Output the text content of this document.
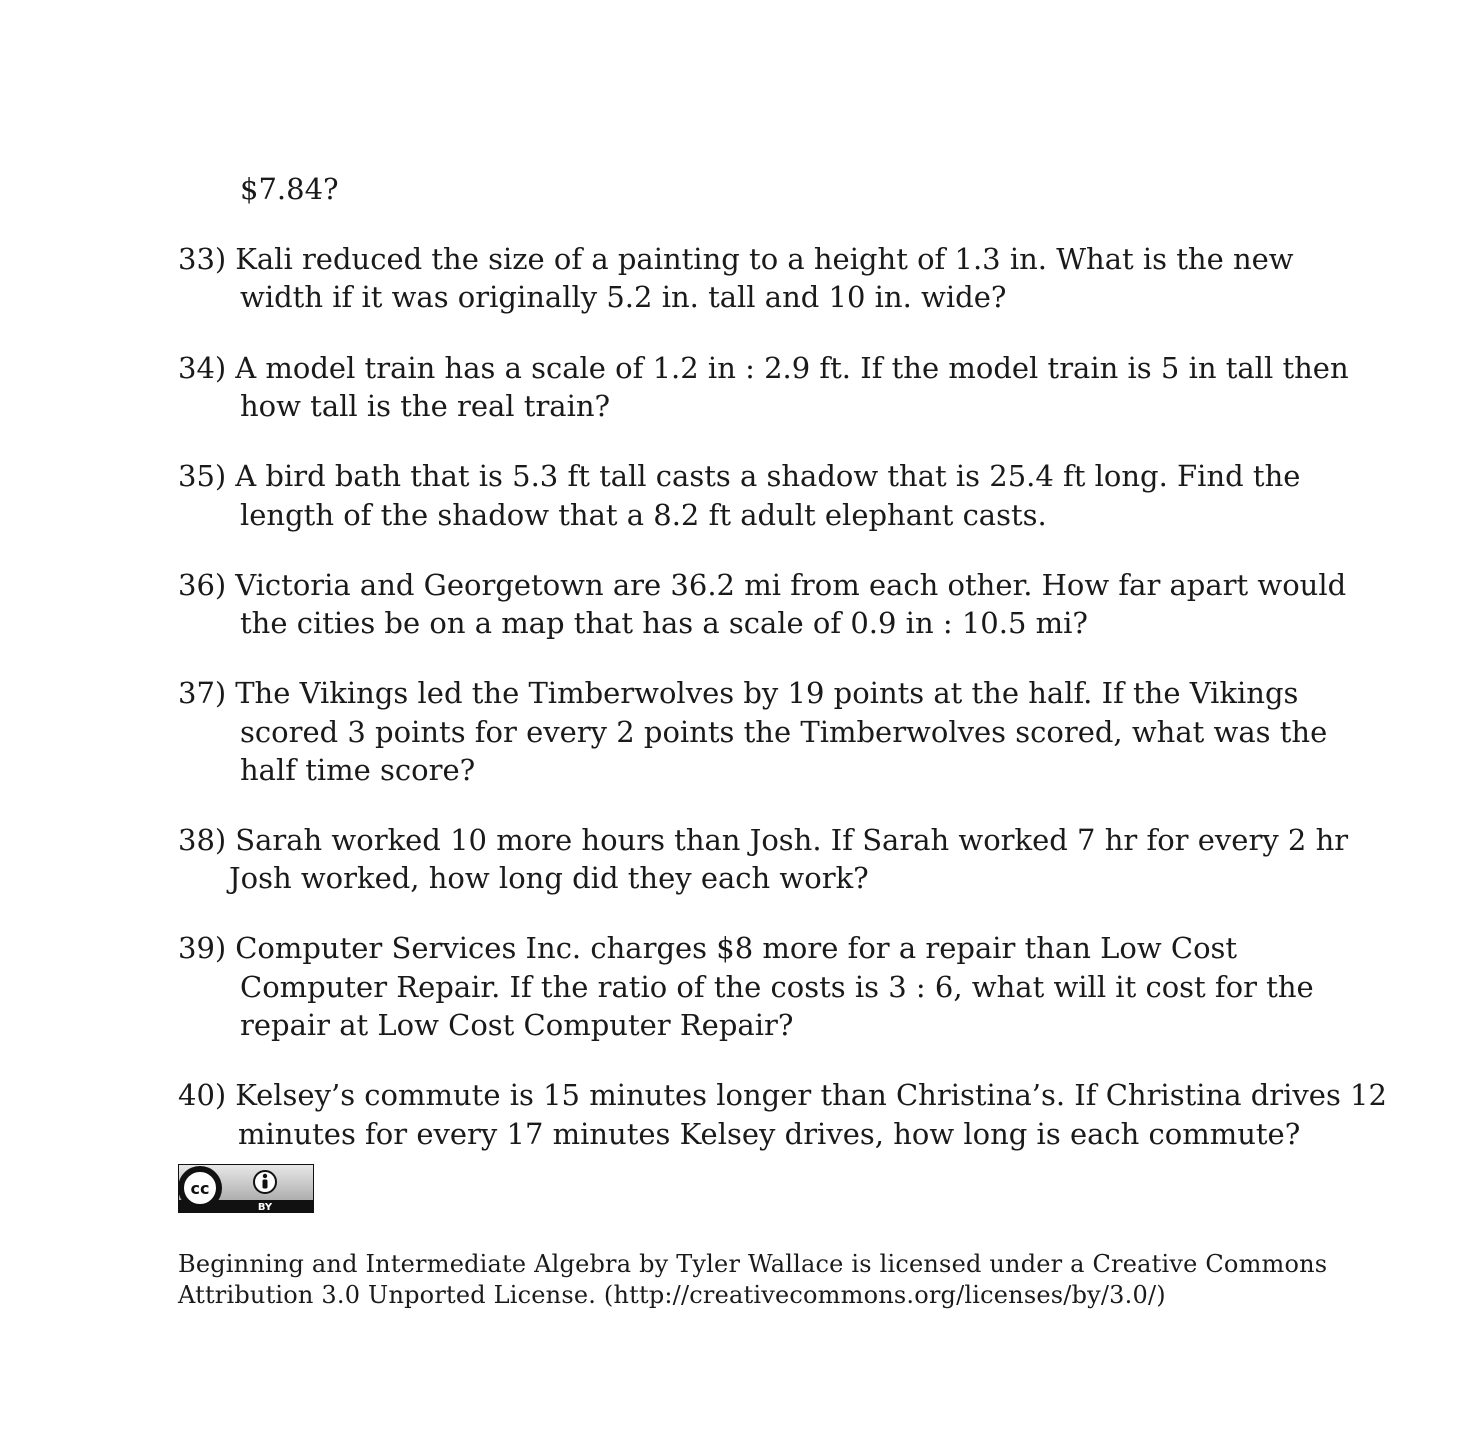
$7.84?
33) Kali reduced the size of a painting to a height of 1.3 in. What is the new
width if it was originally 5.2 in. tall and 10 in. wide?
34) A model train has a scale of 1.2 in : 2.9 ft. If the model train is 5 in tall then
how tall is the real train?
35) A bird bath that is 5.3 ft tall casts a shadow that is 25.4 ft long. Find the
length of the shadow that a 8.2 ft adult elephant casts.
36) Victoria and Georgetown are 36.2 mi from each other. How far apart would
the cities be on a map that has a scale of 0.9 in : 10.5 mi?
37) The Vikings led the Timberwolves by 19 points at the half. If the Vikings
scored 3 points for every 2 points the Timberwolves scored, what was the
half time score?
38) Sarah worked 10 more hours than Josh. If Sarah worked 7 hr for every 2 hr
Josh worked, how long did they each work?
39) Computer Services Inc. charges $8 more for a repair than Low Cost
Computer Repair. If the ratio of the costs is 3 : 6, what will it cost for the
repair at Low Cost Computer Repair?
40) Kelsey’s commute is 15 minutes longer than Christina’s. If Christina drives 12
minutes for every 17 minutes Kelsey drives, how long is each commute?
cc
BY
Beginning and Intermediate Algebra by Tyler Wallace is licensed under a Creative Commons
Attribution 3.0 Unported License. (http://creativecommons.org/licenses/by/3.0/)
